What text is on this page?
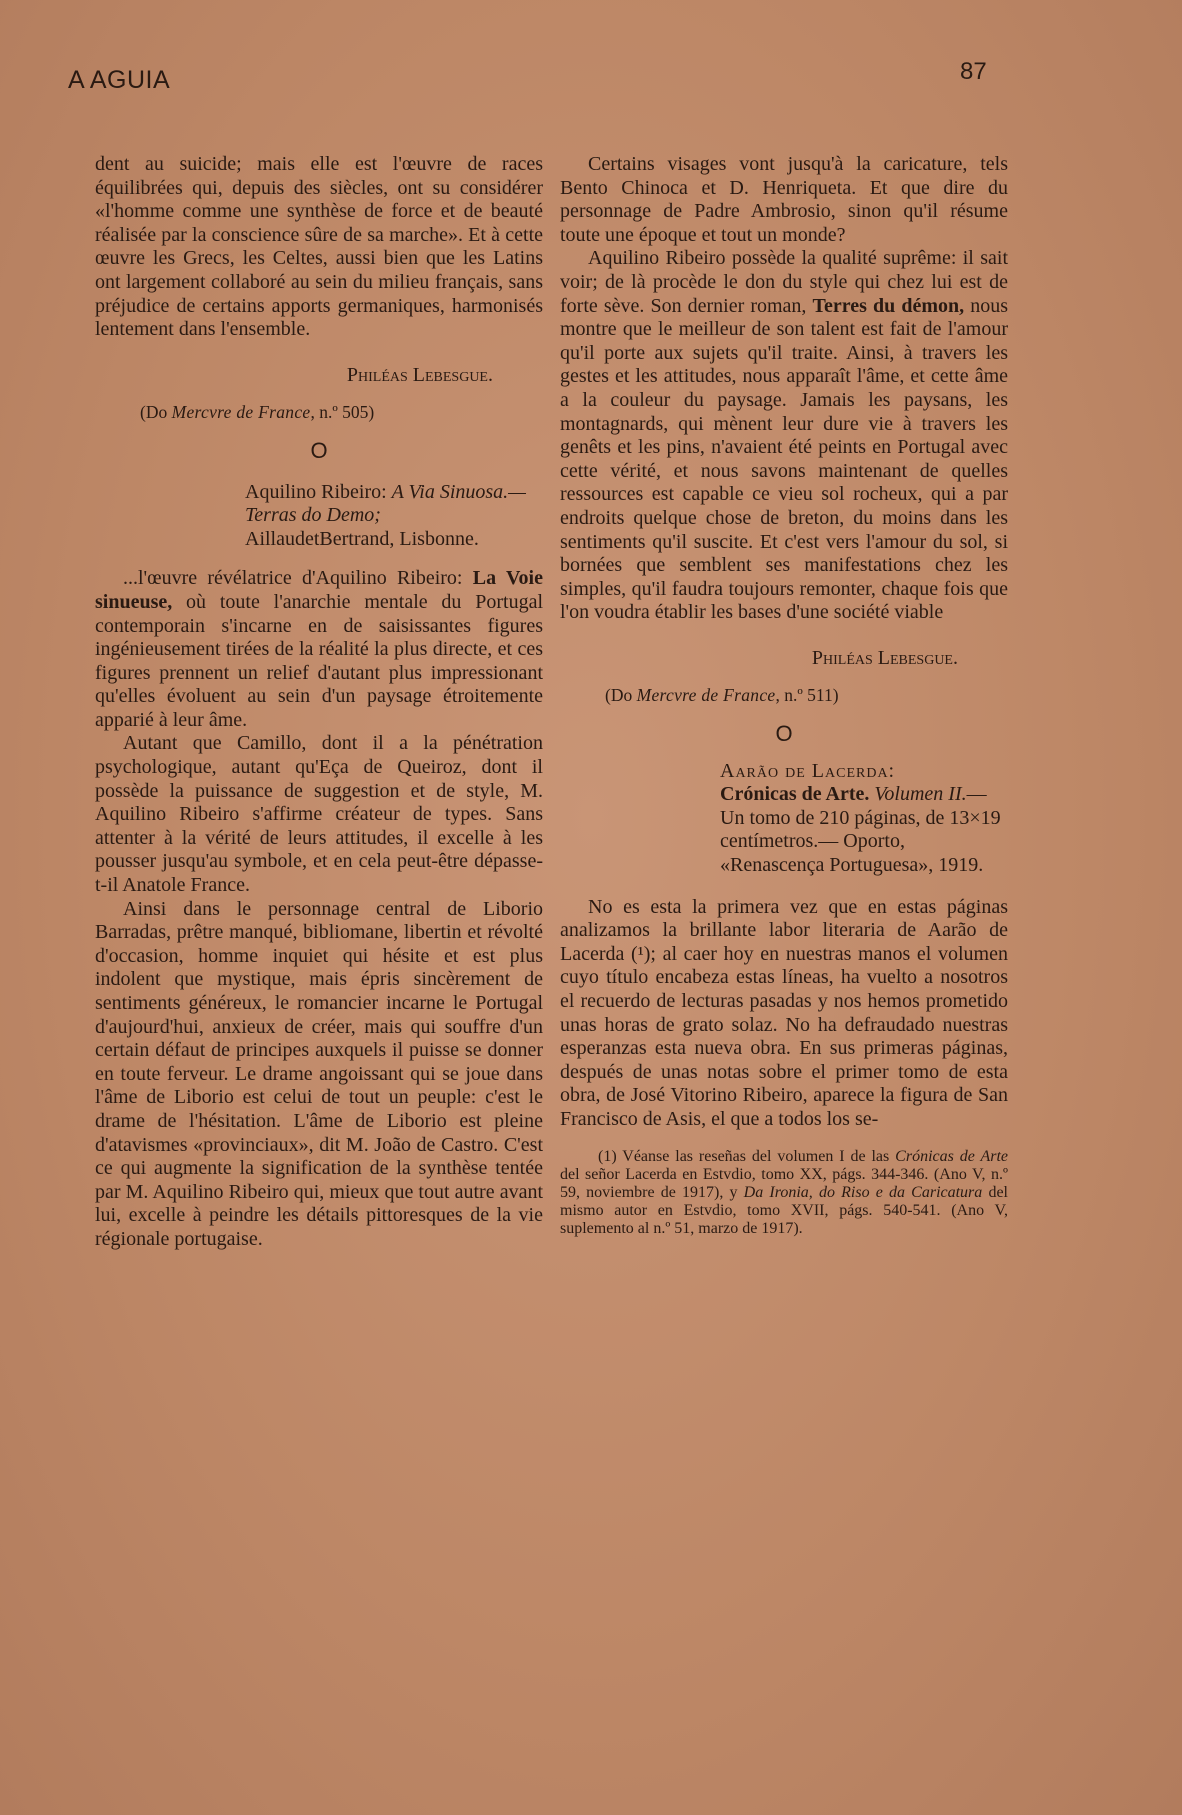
A AGUIA	87

dent au suicide; mais elle est l'œuvre de races équilibrées qui, depuis des siècles, ont su considérer «l'homme comme une synthèse de force et de beauté réalisée par la conscience sûre de sa marche». Et à cette œuvre les Grecs, les Celtes, aussi bien que les Latins ont largement collaboré au sein du milieu français, sans préjudice de certains apports germaniques, harmonisés lentement dans l'ensemble.

Philéas Lebesgue.

(Do Mercvre de France, n.º 505)

O

Aquilino Ribeiro: A Via Sinuosa.—Terras do Demo;
AillaudetBertrand, Lisbonne.

...l'œuvre révélatrice d'Aquilino Ribeiro: La Voie sinueuse, où toute l'anarchie mentale du Portugal contemporain s'incarne en de saisissantes figures ingénieusement tirées de la réalité la plus directe, et ces figures prennent un relief d'autant plus impressionant qu'elles évoluent au sein d'un paysage étroitemente apparié à leur âme.

Autant que Camillo, dont il a la pénétration psychologique, autant qu'Eça de Queiroz, dont il possède la puissance de suggestion et de style, M. Aquilino Ribeiro s'affirme créateur de types. Sans attenter à la vérité de leurs attitudes, il excelle à les pousser jusqu'au symbole, et en cela peut-être dépasse-t-il Anatole France.

Ainsi dans le personnage central de Liborio Barradas, prêtre manqué, bibliomane, libertin et révolté d'occasion, homme inquiet qui hésite et est plus indolent que mystique, mais épris sincèrement de sentiments généreux, le romancier incarne le Portugal d'aujourd'hui, anxieux de créer, mais qui souffre d'un certain défaut de principes auxquels il puisse se donner en toute ferveur. Le drame angoissant qui se joue dans l'âme de Liborio est celui de tout un peuple: c'est le drame de l'hésitation. L'âme de Liborio est pleine d'atavismes «provinciaux», dit M. João de Castro. C'est ce qui augmente la signification de la synthèse tentée par M. Aquilino Ribeiro qui, mieux que tout autre avant lui, excelle à peindre les détails pittoresques de la vie régionale portugaise.

Certains visages vont jusqu'à la caricature, tels Bento Chinoca et D. Henriqueta. Et que dire du personnage de Padre Ambrosio, sinon qu'il résume toute une époque et tout un monde?

Aquilino Ribeiro possède la qualité suprême: il sait voir; de là procède le don du style qui chez lui est de forte sève. Son dernier roman, Terres du démon, nous montre que le meilleur de son talent est fait de l'amour qu'il porte aux sujets qu'il traite. Ainsi, à travers les gestes et les attitudes, nous apparaît l'âme, et cette âme a la couleur du paysage. Jamais les paysans, les montagnards, qui mènent leur dure vie à travers les genêts et les pins, n'avaient été peints en Portugal avec cette vérité, et nous savons maintenant de quelles ressources est capable ce vieu sol rocheux, qui a par endroits quelque chose de breton, du moins dans les sentiments qu'il suscite. Et c'est vers l'amour du sol, si bornées que semblent ses manifestations chez les simples, qu'il faudra toujours remonter, chaque fois que l'on voudra établir les bases d'une société viable

Philéas Lebesgue.

(Do Mercvre de France, n.º 511)

O

Aarão de Lacerda:
Crónicas de Arte. Volumen II.—Un tomo de 210 páginas, de 13×19 centímetros.— Oporto, «Renascença Portuguesa», 1919.

No es esta la primera vez que en estas páginas analizamos la brillante labor literaria de Aarão de Lacerda (¹); al caer hoy en nuestras manos el volumen cuyo título encabeza estas líneas, ha vuelto a nosotros el recuerdo de lecturas pasadas y nos hemos prometido unas horas de grato solaz. No ha defraudado nuestras esperanzas esta nueva obra. En sus primeras páginas, después de unas notas sobre el primer tomo de esta obra, de José Vitorino Ribeiro, aparece la figura de San Francisco de Asis, el que a todos los se-

(1) Véanse las reseñas del volumen I de las Crónicas de Arte del señor Lacerda en Estvdio, tomo XX, págs. 344-346. (Ano V, n.º 59, noviembre de 1917), y Da Ironia, do Riso e da Caricatura del mismo autor en Estvdio, tomo XVII, págs. 540-541. (Ano V, suplemento al n.º 51, marzo de 1917).
